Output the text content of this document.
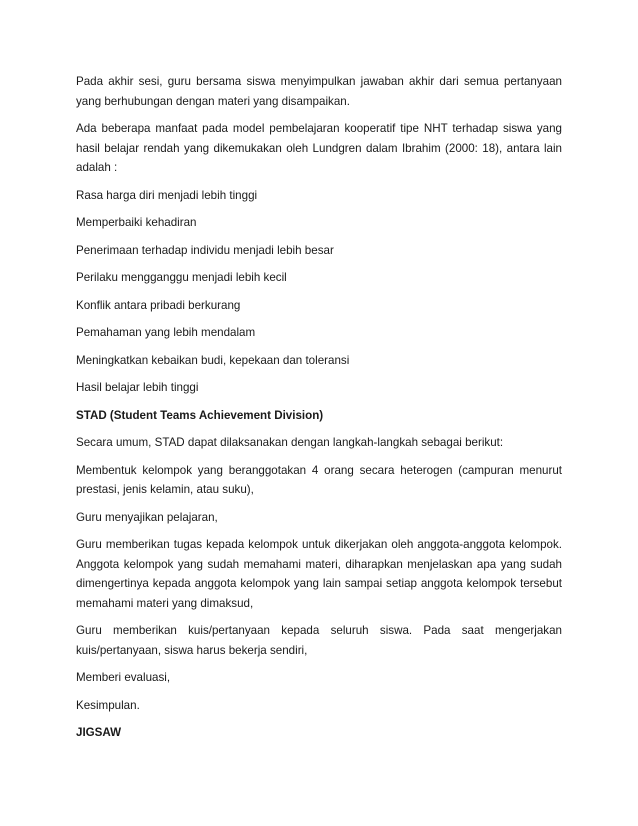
Pada akhir sesi, guru bersama siswa menyimpulkan jawaban akhir dari semua pertanyaan yang berhubungan dengan materi yang disampaikan.

Ada beberapa manfaat pada model pembelajaran kooperatif tipe NHT terhadap siswa yang hasil belajar rendah yang dikemukakan oleh Lundgren dalam Ibrahim (2000: 18), antara lain adalah :

Rasa harga diri menjadi lebih tinggi

Memperbaiki kehadiran

Penerimaan terhadap individu menjadi lebih besar

Perilaku mengganggu menjadi lebih kecil

Konflik antara pribadi berkurang

Pemahaman yang lebih mendalam

Meningkatkan kebaikan budi, kepekaan dan toleransi

Hasil belajar lebih tinggi

STAD (Student Teams Achievement Division)

Secara umum, STAD dapat dilaksanakan dengan langkah-langkah sebagai berikut:

Membentuk kelompok yang beranggotakan 4 orang secara heterogen (campuran menurut prestasi, jenis kelamin, atau suku),

Guru menyajikan pelajaran,

Guru memberikan tugas kepada kelompok untuk dikerjakan oleh anggota-anggota kelompok. Anggota kelompok yang sudah memahami materi, diharapkan menjelaskan apa yang sudah dimengertinya kepada anggota kelompok yang lain sampai setiap anggota kelompok tersebut memahami materi yang dimaksud,

Guru memberikan kuis/pertanyaan kepada seluruh siswa. Pada saat mengerjakan kuis/pertanyaan, siswa harus bekerja sendiri,

Memberi evaluasi,

Kesimpulan.

JIGSAW
